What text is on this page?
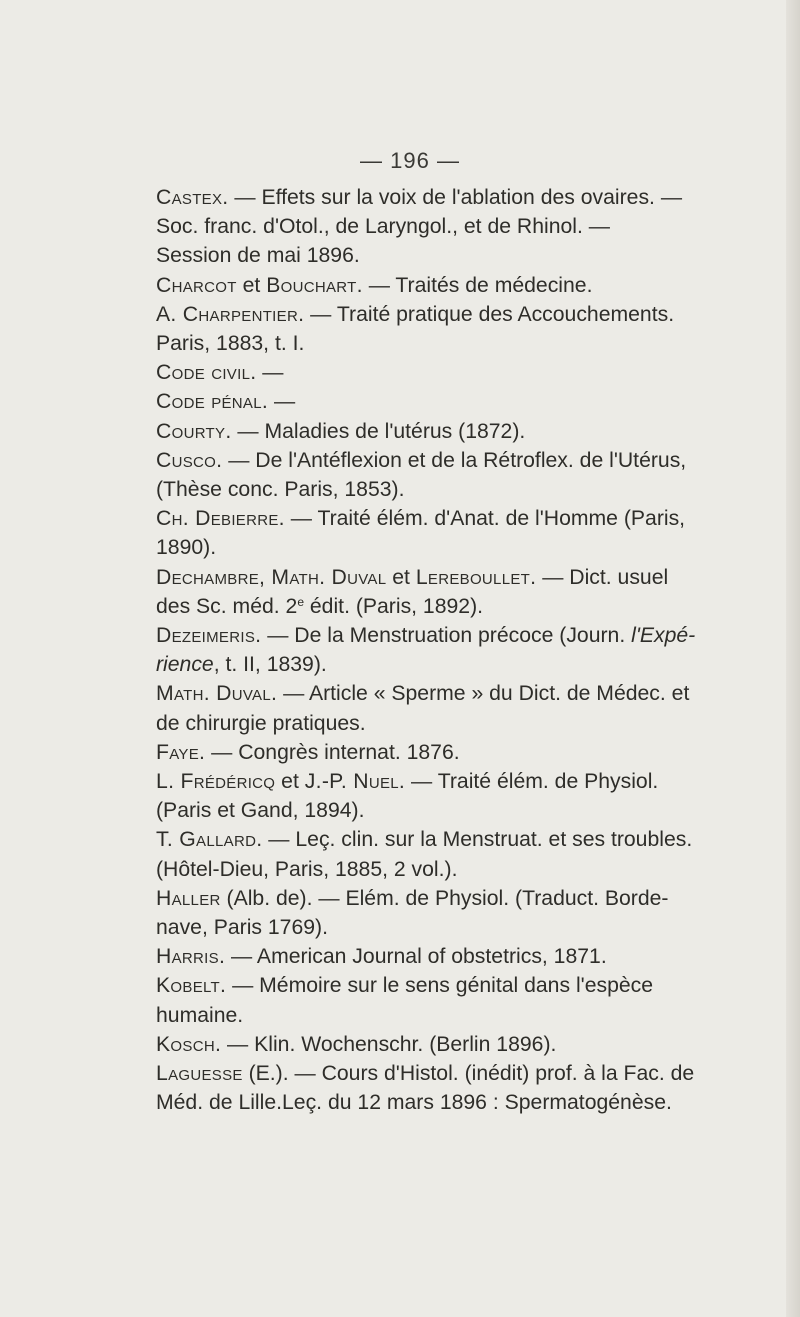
— 196 —

Castex. — Effets sur la voix de l'ablation des ovaires. —
Soc. franc. d'Otol., de Laryngol., et de Rhinol. —
Session de mai 1896.

Charcot et Bouchart. — Traités de médecine.

A. Charpentier. — Traité pratique des Accouchements.
Paris, 1883, t. I.

Code civil. —

Code pénal. —

Courty. — Maladies de l'utérus (1872).

Cusco. — De l'Antéflexion et de la Rétroflex. de l'Utérus,
(Thèse conc. Paris, 1853).

Ch. Debierre. — Traité élém. d'Anat. de l'Homme (Paris,
1890).

Dechambre, Math. Duval et Lereboullet. — Dict. usuel
des Sc. méd. 2e édit. (Paris, 1892).

Dezeimeris. — De la Menstruation précoce (Journ. l'Expé-
rience, t. II, 1839).

Math. Duval. — Article « Sperme » du Dict. de Médec. et
de chirurgie pratiques.

Faye. — Congrès internat. 1876.

L. Frédéricq et J.-P. Nuel. — Traité élém. de Physiol.
(Paris et Gand, 1894).

T. Gallard. — Leç. clin. sur la Menstruat. et ses troubles.
(Hôtel-Dieu, Paris, 1885, 2 vol.).

Haller (Alb. de). — Elém. de Physiol. (Traduct. Borde-
nave, Paris 1769).

Harris. — American Journal of obstetrics, 1871.

Kobelt. — Mémoire sur le sens génital dans l'espèce
humaine.

Kosch. — Klin. Wochenschr. (Berlin 1896).

Laguesse (E.). — Cours d'Histol. (inédit) prof. à la Fac. de
Méd. de Lille.Leç. du 12 mars 1896 : Spermatogénèse.
